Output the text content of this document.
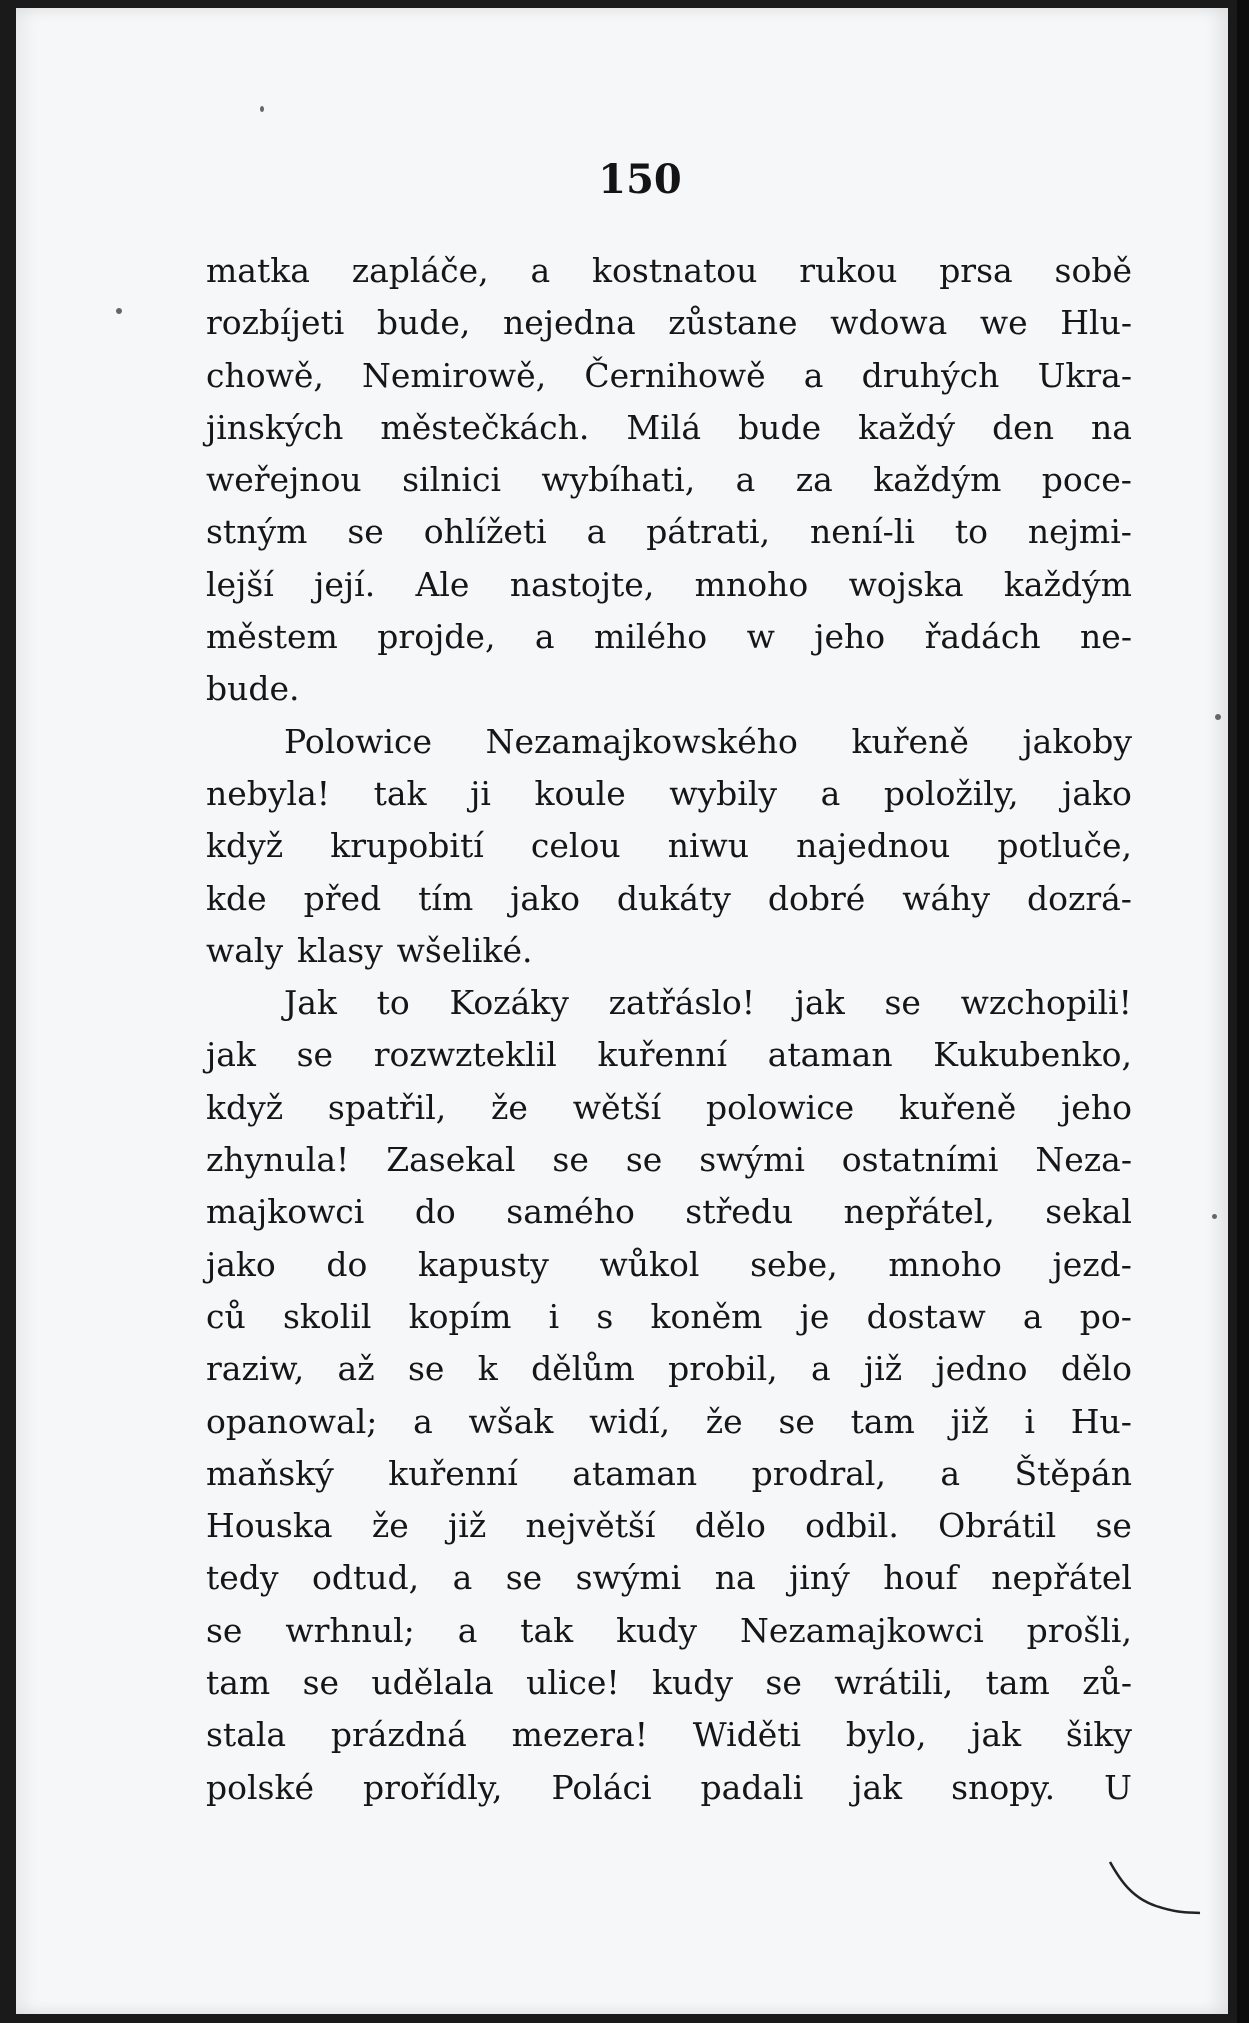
150
matka zapláče, a kostnatou rukou prsa sobě
rozbíjeti bude, nejedna zůstane wdowa we Hlu-
chowě, Nemirowě, Černihowě a druhých Ukra-
jinských městečkách. Milá bude každý den na
weřejnou silnici wybíhati, a za každým poce-
stným se ohlížeti a pátrati, není-li to nejmi-
lejší její. Ale nastojte, mnoho wojska každým
městem projde, a milého w jeho řadách ne-
bude.
Polowice Nezamajkowského kuřeně jakoby
nebyla! tak ji koule wybily a položily, jako
když krupobití celou niwu najednou potluče,
kde před tím jako dukáty dobré wáhy dozrá-
waly klasy wšeliké.
Jak to Kozáky zatřáslo! jak se wzchopili!
jak se rozwzteklil kuřenní ataman Kukubenko,
když spatřil, že wětší polowice kuřeně jeho
zhynula! Zasekal se se swými ostatními Neza-
majkowci do samého středu nepřátel, sekal
jako do kapusty wůkol sebe, mnoho jezd-
ců skolil kopím i s koněm je dostaw a po-
raziw, až se k dělům probil, a již jedno dělo
opanowal; a wšak widí, že se tam již i Hu-
maňský kuřenní ataman prodral, a Štěpán
Houska že již největší dělo odbil. Obrátil se
tedy odtud, a se swými na jiný houf nepřátel
se wrhnul; a tak kudy Nezamajkowci prošli,
tam se udělala ulice! kudy se wrátili, tam zů-
stala prázdná mezera! Widěti bylo, jak šiky
polské prořídly, Poláci padali jak snopy. U
